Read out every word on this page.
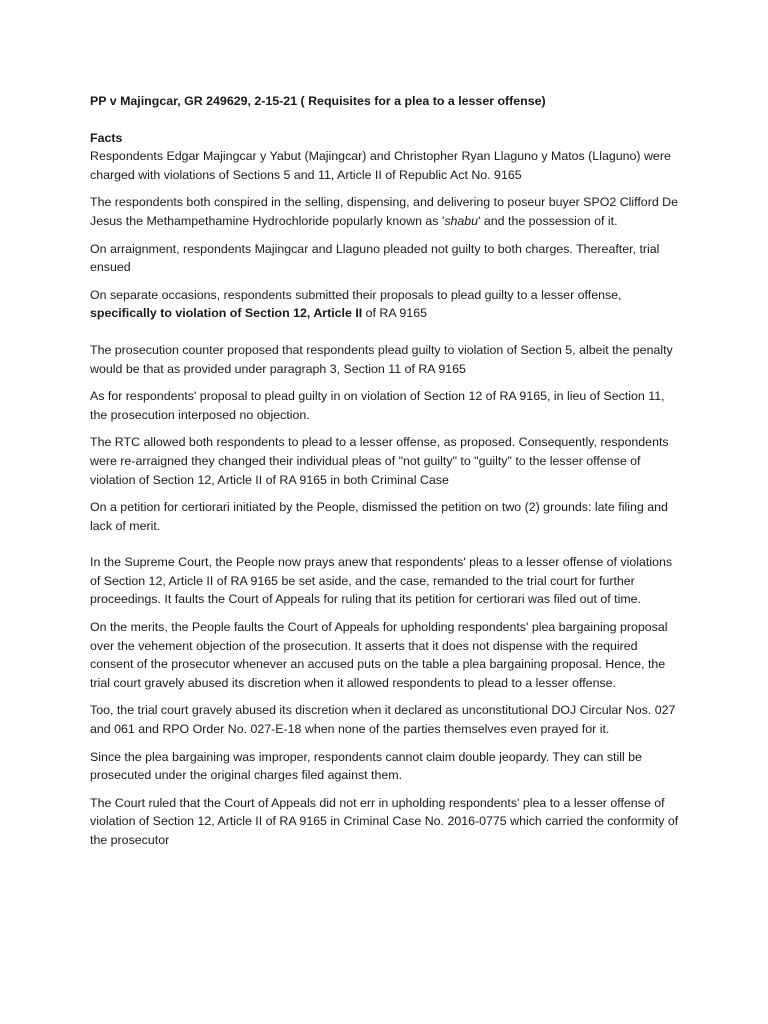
PP v Majingcar, GR 249629, 2-15-21 ( Requisites for a plea to a lesser offense)

Facts

Respondents Edgar Majingcar y Yabut (Majingcar) and Christopher Ryan Llaguno y Matos (Llaguno) were charged with violations of Sections 5 and 11, Article II of Republic Act No. 9165

The respondents both conspired in the selling, dispensing, and delivering to poseur buyer SPO2 Clifford De Jesus the Methampethamine Hydrochloride popularly known as 'shabu' and the possession of it.

On arraignment, respondents Majingcar and Llaguno pleaded not guilty to both charges. Thereafter, trial ensued

On separate occasions, respondents submitted their proposals to plead guilty to a lesser offense, specifically to violation of Section 12, Article II of RA 9165

The prosecution counter proposed that respondents plead guilty to violation of Section 5, albeit the penalty would be that as provided under paragraph 3, Section 11 of RA 9165

As for respondents' proposal to plead guilty in on violation of Section 12 of RA 9165, in lieu of Section 11, the prosecution interposed no objection.

The RTC allowed both respondents to plead to a lesser offense, as proposed. Consequently, respondents were re-arraigned they changed their individual pleas of "not guilty" to "guilty" to the lesser offense of violation of Section 12, Article II of RA 9165 in both Criminal Case

On a petition for certiorari initiated by the People, dismissed the petition on two (2) grounds: late filing and lack of merit.

In the Supreme Court, the People now prays anew that respondents' pleas to a lesser offense of violations of Section 12, Article II of RA 9165 be set aside, and the case, remanded to the trial court for further proceedings. It faults the Court of Appeals for ruling that its petition for certiorari was filed out of time.

On the merits, the People faults the Court of Appeals for upholding respondents' plea bargaining proposal over the vehement objection of the prosecution. It asserts that it does not dispense with the required consent of the prosecutor whenever an accused puts on the table a plea bargaining proposal. Hence, the trial court gravely abused its discretion when it allowed respondents to plead to a lesser offense.

Too, the trial court gravely abused its discretion when it declared as unconstitutional DOJ Circular Nos. 027 and 061 and RPO Order No. 027-E-18 when none of the parties themselves even prayed for it.

Since the plea bargaining was improper, respondents cannot claim double jeopardy. They can still be prosecuted under the original charges filed against them.

The Court ruled that the Court of Appeals did not err in upholding respondents' plea to a lesser offense of violation of Section 12, Article II of RA 9165 in Criminal Case No. 2016-0775 which carried the conformity of the prosecutor
